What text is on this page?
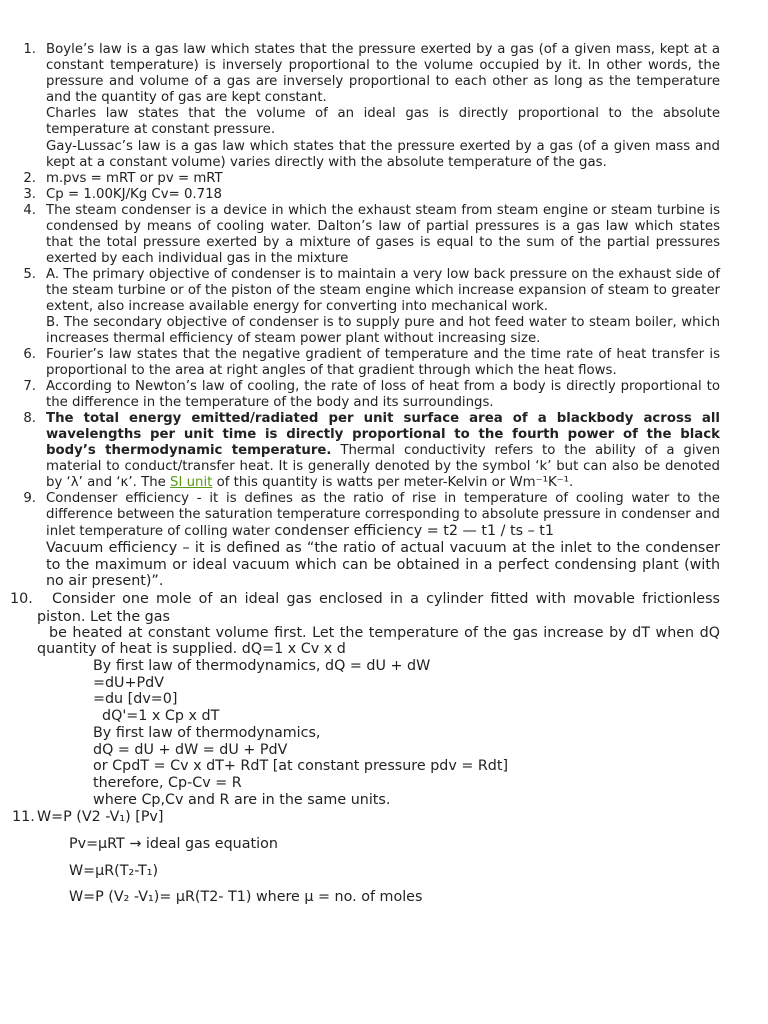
1. Boyle’s law is a gas law which states that the pressure exerted by a gas (of a given mass, kept at a constant temperature) is inversely proportional to the volume occupied by it. In other words, the pressure and volume of a gas are inversely proportional to each other as long as the temperature and the quantity of gas are kept constant.

Charles law states that the volume of an ideal gas is directly proportional to the absolute temperature at constant pressure.

Gay-Lussac’s law is a gas law which states that the pressure exerted by a gas (of a given mass and kept at a constant volume) varies directly with the absolute temperature of the gas.

2. m.pvs = mRT or pv = mRT
3. Cp = 1.00KJ/Kg Cv= 0.718
4. The steam condenser is a device in which the exhaust steam from steam engine or steam turbine is condensed by means of cooling water. Dalton’s law of partial pressures is a gas law which states that the total pressure exerted by a mixture of gases is equal to the sum of the partial pressures exerted by each individual gas in the mixture
5. A. The primary objective of condenser is to maintain a very low back pressure on the exhaust side of the steam turbine or of the piston of the steam engine which increase expansion of steam to greater extent, also increase available energy for converting into mechanical work.

B. The secondary objective of condenser is to supply pure and hot feed water to steam boiler, which increases thermal efficiency of steam power plant without increasing size.

6. Fourier’s law states that the negative gradient of temperature and the time rate of heat transfer is proportional to the area at right angles of that gradient through which the heat flows.
7. According to Newton’s law of cooling, the rate of loss of heat from a body is directly proportional to the difference in the temperature of the body and its surroundings.
8. The total energy emitted/radiated per unit surface area of a blackbody across all wavelengths per unit time is directly proportional to the fourth power of the black body’s thermodynamic temperature. Thermal conductivity refers to the ability of a given material to conduct/transfer heat. It is generally denoted by the symbol ‘k’ but can also be denoted by ‘λ’ and ‘κ’. The SI unit of this quantity is watts per meter-Kelvin or Wm⁻¹K⁻¹.

9. Condenser efficiency - it is defines as the ratio of rise in temperature of cooling water to the difference between the saturation temperature corresponding to absolute pressure in condenser and inlet temperature of colling water condenser efficiency = t2 — t1 / ts – t1

Vacuum efficiency – it is defined as “the ratio of actual vacuum at the inlet to the condenser to the maximum or ideal vacuum which can be obtained in a perfect condensing plant (with no air present)”.

10. Consider one mole of an ideal gas enclosed in a cylinder fitted with movable frictionless
piston. Let the gas
be heated at constant volume first. Let the temperature of the gas increase by dT when dQ
quantity of heat is supplied. dQ=1 x Cv x d
By first law of thermodynamics, dQ = dU + dW
=dU+PdV
=du [dv=0]
dQ'=1 x Cp x dT
By first law of thermodynamics,
dQ = dU + dW = dU + PdV
or CpdT = Cv x dT+ RdT [at constant pressure pdv = Rdt]
therefore, Cp-Cv = R
where Cp,Cv and R are in the same units.
11. W=P (V2 -V₁) [Pv]
Pv=μRT → ideal gas equation
W=μR(T₂-T₁)
W=P (V₂ -V₁)= μR(T2- T1) where μ = no. of moles
